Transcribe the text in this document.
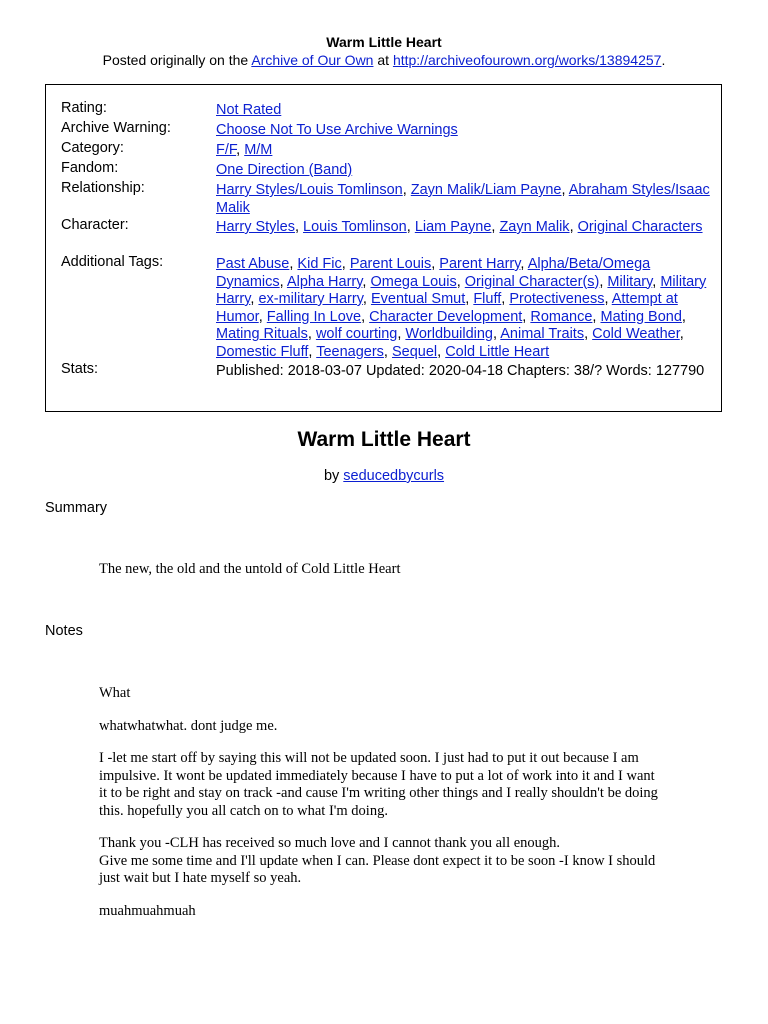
Warm Little Heart
Posted originally on the Archive of Our Own at http://archiveofourown.org/works/13894257.
Rating:	Not Rated
Archive Warning:	Choose Not To Use Archive Warnings
Category:	F/F, M/M
Fandom:	One Direction (Band)
Relationship:	Harry Styles/Louis Tomlinson, Zayn Malik/Liam Payne, Abraham Styles/Isaac Malik
Character:	Harry Styles, Louis Tomlinson, Liam Payne, Zayn Malik, Original Characters
Additional Tags:	Past Abuse, Kid Fic, Parent Louis, Parent Harry, Alpha/Beta/Omega Dynamics, Alpha Harry, Omega Louis, Original Character(s), Military, Military Harry, ex-military Harry, Eventual Smut, Fluff, Protectiveness, Attempt at Humor, Falling In Love, Character Development, Romance, Mating Bond, Mating Rituals, wolf courting, Worldbuilding, Animal Traits, Cold Weather, Domestic Fluff, Teenagers, Sequel, Cold Little Heart
Stats:	Published: 2018-03-07 Updated: 2020-04-18 Chapters: 38/? Words: 127790
Warm Little Heart
by seducedbycurls
Summary

The new, the old and the untold of Cold Little Heart

Notes

What

whatwhatwhat. dont judge me.

I -let me start off by saying this will not be updated soon. I just had to put it out because I am impulsive. It wont be updated immediately because I have to put a lot of work into it and I want it to be right and stay on track -and cause I'm writing other things and I really shouldn't be doing this. hopefully you all catch on to what I'm doing.

Thank you -CLH has received so much love and I cannot thank you all enough.

Give me some time and I'll update when I can. Please dont expect it to be soon -I know I should just wait but I hate myself so yeah.

muahmuahmuah
